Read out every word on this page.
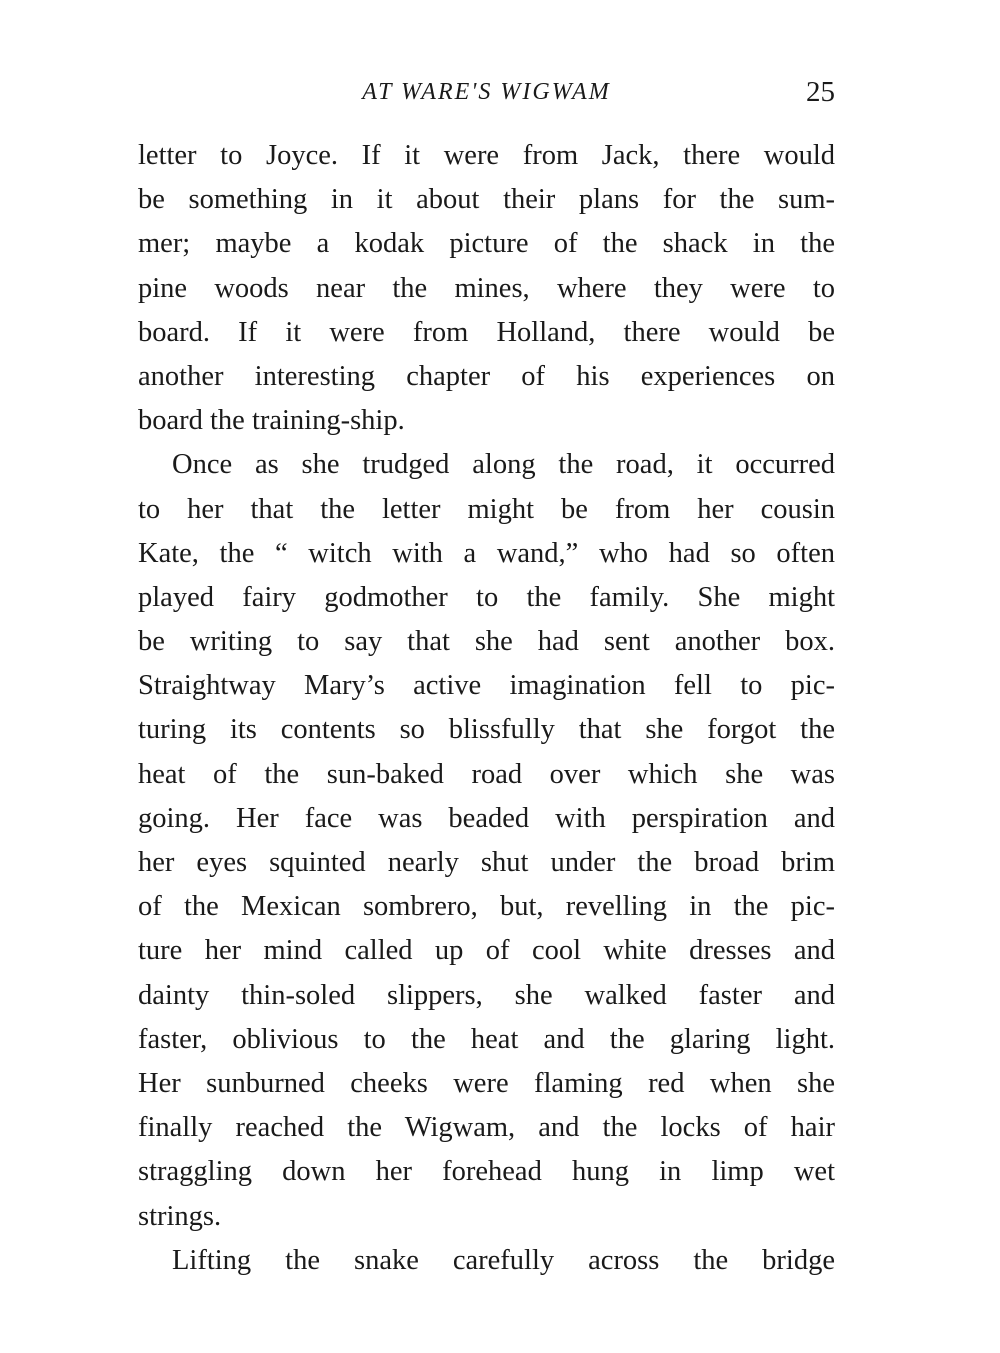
AT WARE'S WIGWAM	25

letter to Joyce. If it were from Jack, there would
be something in it about their plans for the sum-
mer; maybe a kodak picture of the shack in the
pine woods near the mines, where they were to
board. If it were from Holland, there would be
another interesting chapter of his experiences on
board the training-ship.

Once as she trudged along the road, it occurred
to her that the letter might be from her cousin
Kate, the “ witch with a wand,” who had so often
played fairy godmother to the family. She might
be writing to say that she had sent another box.
Straightway Mary’s active imagination fell to pic-
turing its contents so blissfully that she forgot the
heat of the sun-baked road over which she was
going. Her face was beaded with perspiration and
her eyes squinted nearly shut under the broad brim
of the Mexican sombrero, but, revelling in the pic-
ture her mind called up of cool white dresses and
dainty thin-soled slippers, she walked faster and
faster, oblivious to the heat and the glaring light.
Her sunburned cheeks were flaming red when she
finally reached the Wigwam, and the locks of hair
straggling down her forehead hung in limp wet
strings.

Lifting the snake carefully across the bridge
